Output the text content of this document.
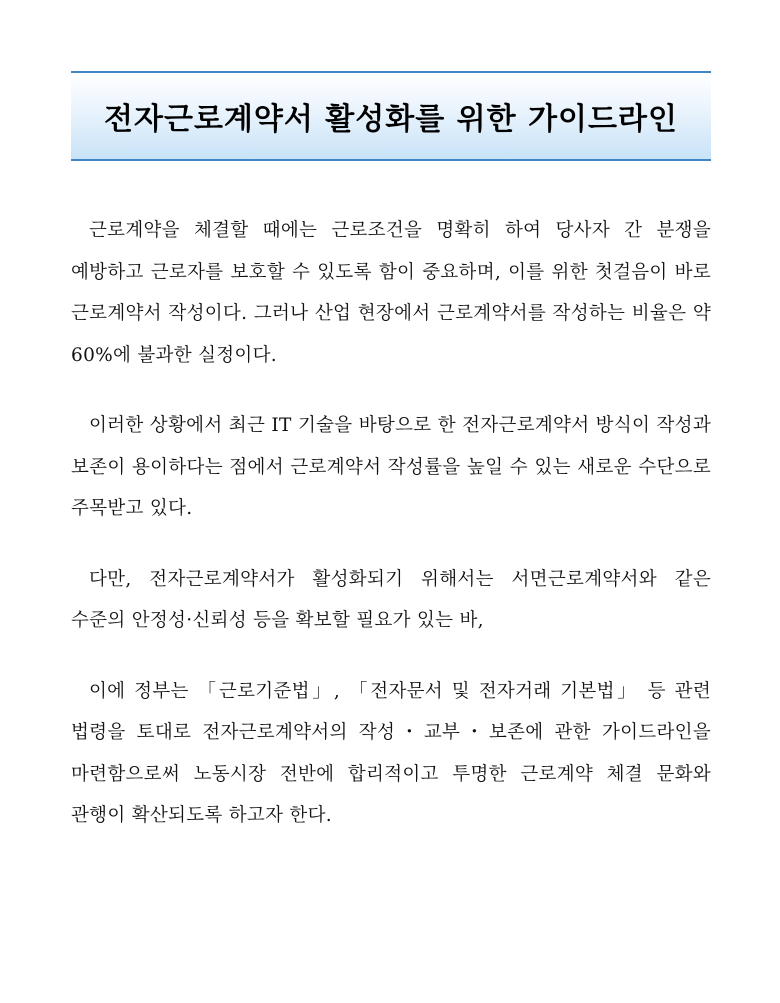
전자근로계약서 활성화를 위한 가이드라인

근로계약을 체결할 때에는 근로조건을 명확히 하여 당사자 간 분쟁을 예방하고 근로자를 보호할 수 있도록 함이 중요하며, 이를 위한 첫걸음이 바로 근로계약서 작성이다. 그러나 산업 현장에서 근로계약서를 작성하는 비율은 약 60%에 불과한 실정이다.

이러한 상황에서 최근 IT 기술을 바탕으로 한 전자근로계약서 방식이 작성과 보존이 용이하다는 점에서 근로계약서 작성률을 높일 수 있는 새로운 수단으로 주목받고 있다.

다만, 전자근로계약서가 활성화되기 위해서는 서면근로계약서와 같은 수준의 안정성·신뢰성 등을 확보할 필요가 있는 바,

이에 정부는 「근로기준법」, 「전자문서 및 전자거래 기본법」 등 관련 법령을 토대로 전자근로계약서의 작성・교부・보존에 관한 가이드라인을 마련함으로써 노동시장 전반에 합리적이고 투명한 근로계약 체결 문화와 관행이 확산되도록 하고자 한다.
